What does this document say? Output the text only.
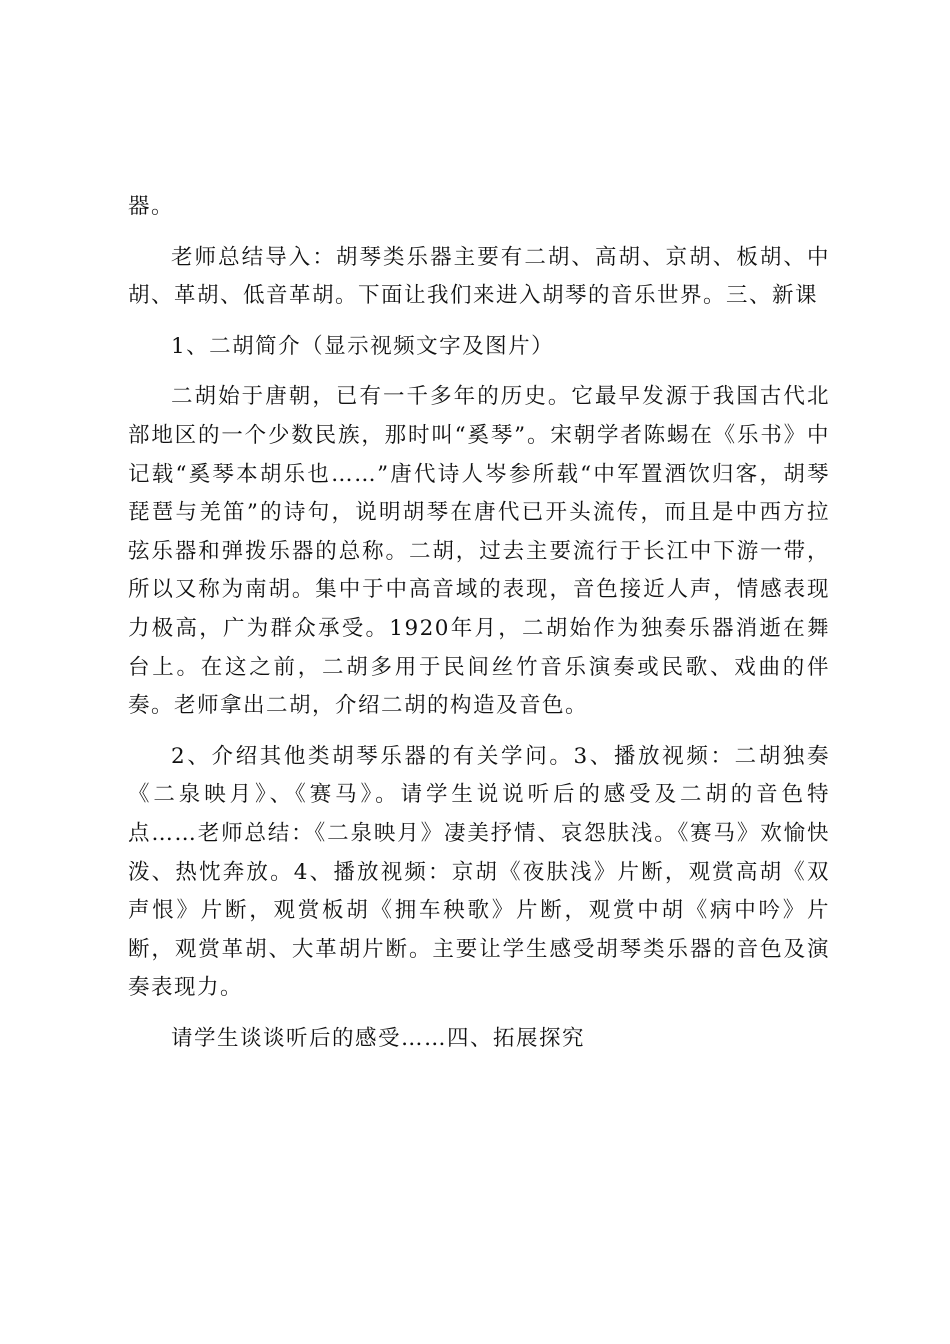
器。

老师总结导入：胡琴类乐器主要有二胡、高胡、京胡、板胡、中胡、革胡、低音革胡。下面让我们来进入胡琴的音乐世界。三、新课

1、二胡简介（显示视频文字及图片）

二胡始于唐朝，已有一千多年的历史。它最早发源于我国古代北部地区的一个少数民族，那时叫“奚琴”。宋朝学者陈蜴在《乐书》中记载“奚琴本胡乐也……”唐代诗人岑参所载“中军置酒饮归客，胡琴琵琶与羌笛”的诗句，说明胡琴在唐代已开头流传，而且是中西方拉弦乐器和弹拨乐器的总称。二胡，过去主要流行于长江中下游一带，所以又称为南胡。集中于中高音域的表现，音色接近人声，情感表现力极高，广为群众承受。1920年月，二胡始作为独奏乐器消逝在舞台上。在这之前，二胡多用于民间丝竹音乐演奏或民歌、戏曲的伴奏。老师拿出二胡，介绍二胡的构造及音色。

2、介绍其他类胡琴乐器的有关学问。3、播放视频：二胡独奏《二泉映月》、《赛马》。请学生说说听后的感受及二胡的音色特点……老师总结：《二泉映月》凄美抒情、哀怨肤浅。《赛马》欢愉快泼、热忱奔放。4、播放视频：京胡《夜肤浅》片断，观赏高胡《双声恨》片断，观赏板胡《拥车秧歌》片断，观赏中胡《病中吟》片断，观赏革胡、大革胡片断。主要让学生感受胡琴类乐器的音色及演奏表现力。

请学生谈谈听后的感受……四、拓展探究
